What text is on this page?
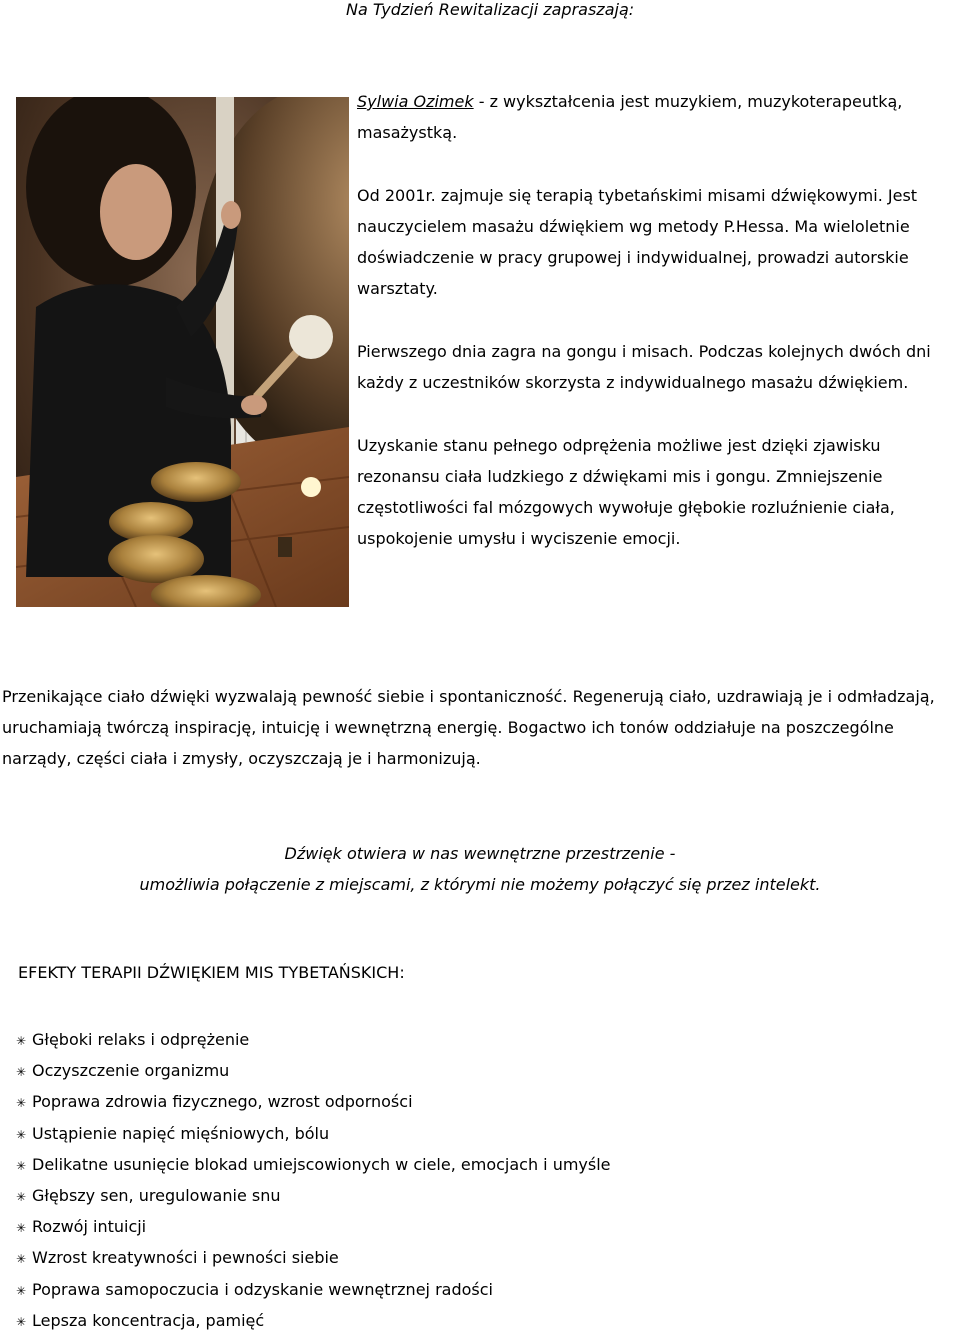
Na Tydzień Rewitalizacji zapraszają:
Sylwia Ozimek - z wykształcenia jest muzykiem, muzykoterapeutką, masażystką.
Od 2001r. zajmuje się terapią tybetańskimi misami dźwiękowymi. Jest nauczycielem masażu dźwiękiem wg metody P.Hessa. Ma wieloletnie doświadczenie w pracy grupowej i indywidualnej, prowadzi autorskie warsztaty.
Pierwszego dnia zagra na gongu i misach. Podczas kolejnych dwóch dni każdy z uczestników skorzysta z indywidualnego masażu dźwiękiem.
Uzyskanie stanu pełnego odprężenia możliwe jest dzięki zjawisku rezonansu ciała ludzkiego z dźwiękami mis i gongu. Zmniejszenie częstotliwości fal mózgowych wywołuje głębokie rozluźnienie ciała, uspokojenie umysłu i wyciszenie emocji.
Przenikające ciało dźwięki wyzwalają pewność siebie i spontaniczność. Regenerują ciało, uzdrawiają je i odmładzają, uruchamiają twórczą inspirację, intuicję i wewnętrzną energię. Bogactwo ich tonów oddziałuje na poszczególne narządy, części ciała i zmysły, oczyszczają je i harmonizują.
Dźwięk otwiera w nas wewnętrzne przestrzenie -
umożliwia połączenie z miejscami, z którymi nie możemy połączyć się przez intelekt.
EFEKTY TERAPII DŹWIĘKIEM MIS TYBETAŃSKICH:
✳ Głęboki relaks i odprężenie
✳ Oczyszczenie organizmu
✳ Poprawa zdrowia fizycznego, wzrost odporności
✳ Ustąpienie napięć mięśniowych, bólu
✳ Delikatne usunięcie blokad umiejscowionych w ciele, emocjach i umyśle
✳ Głębszy sen, uregulowanie snu
✳ Rozwój intuicji
✳ Wzrost kreatywności i pewności siebie
✳ Poprawa samopoczucia i odzyskanie wewnętrznej radości
✳ Lepsza koncentracja, pamięć
